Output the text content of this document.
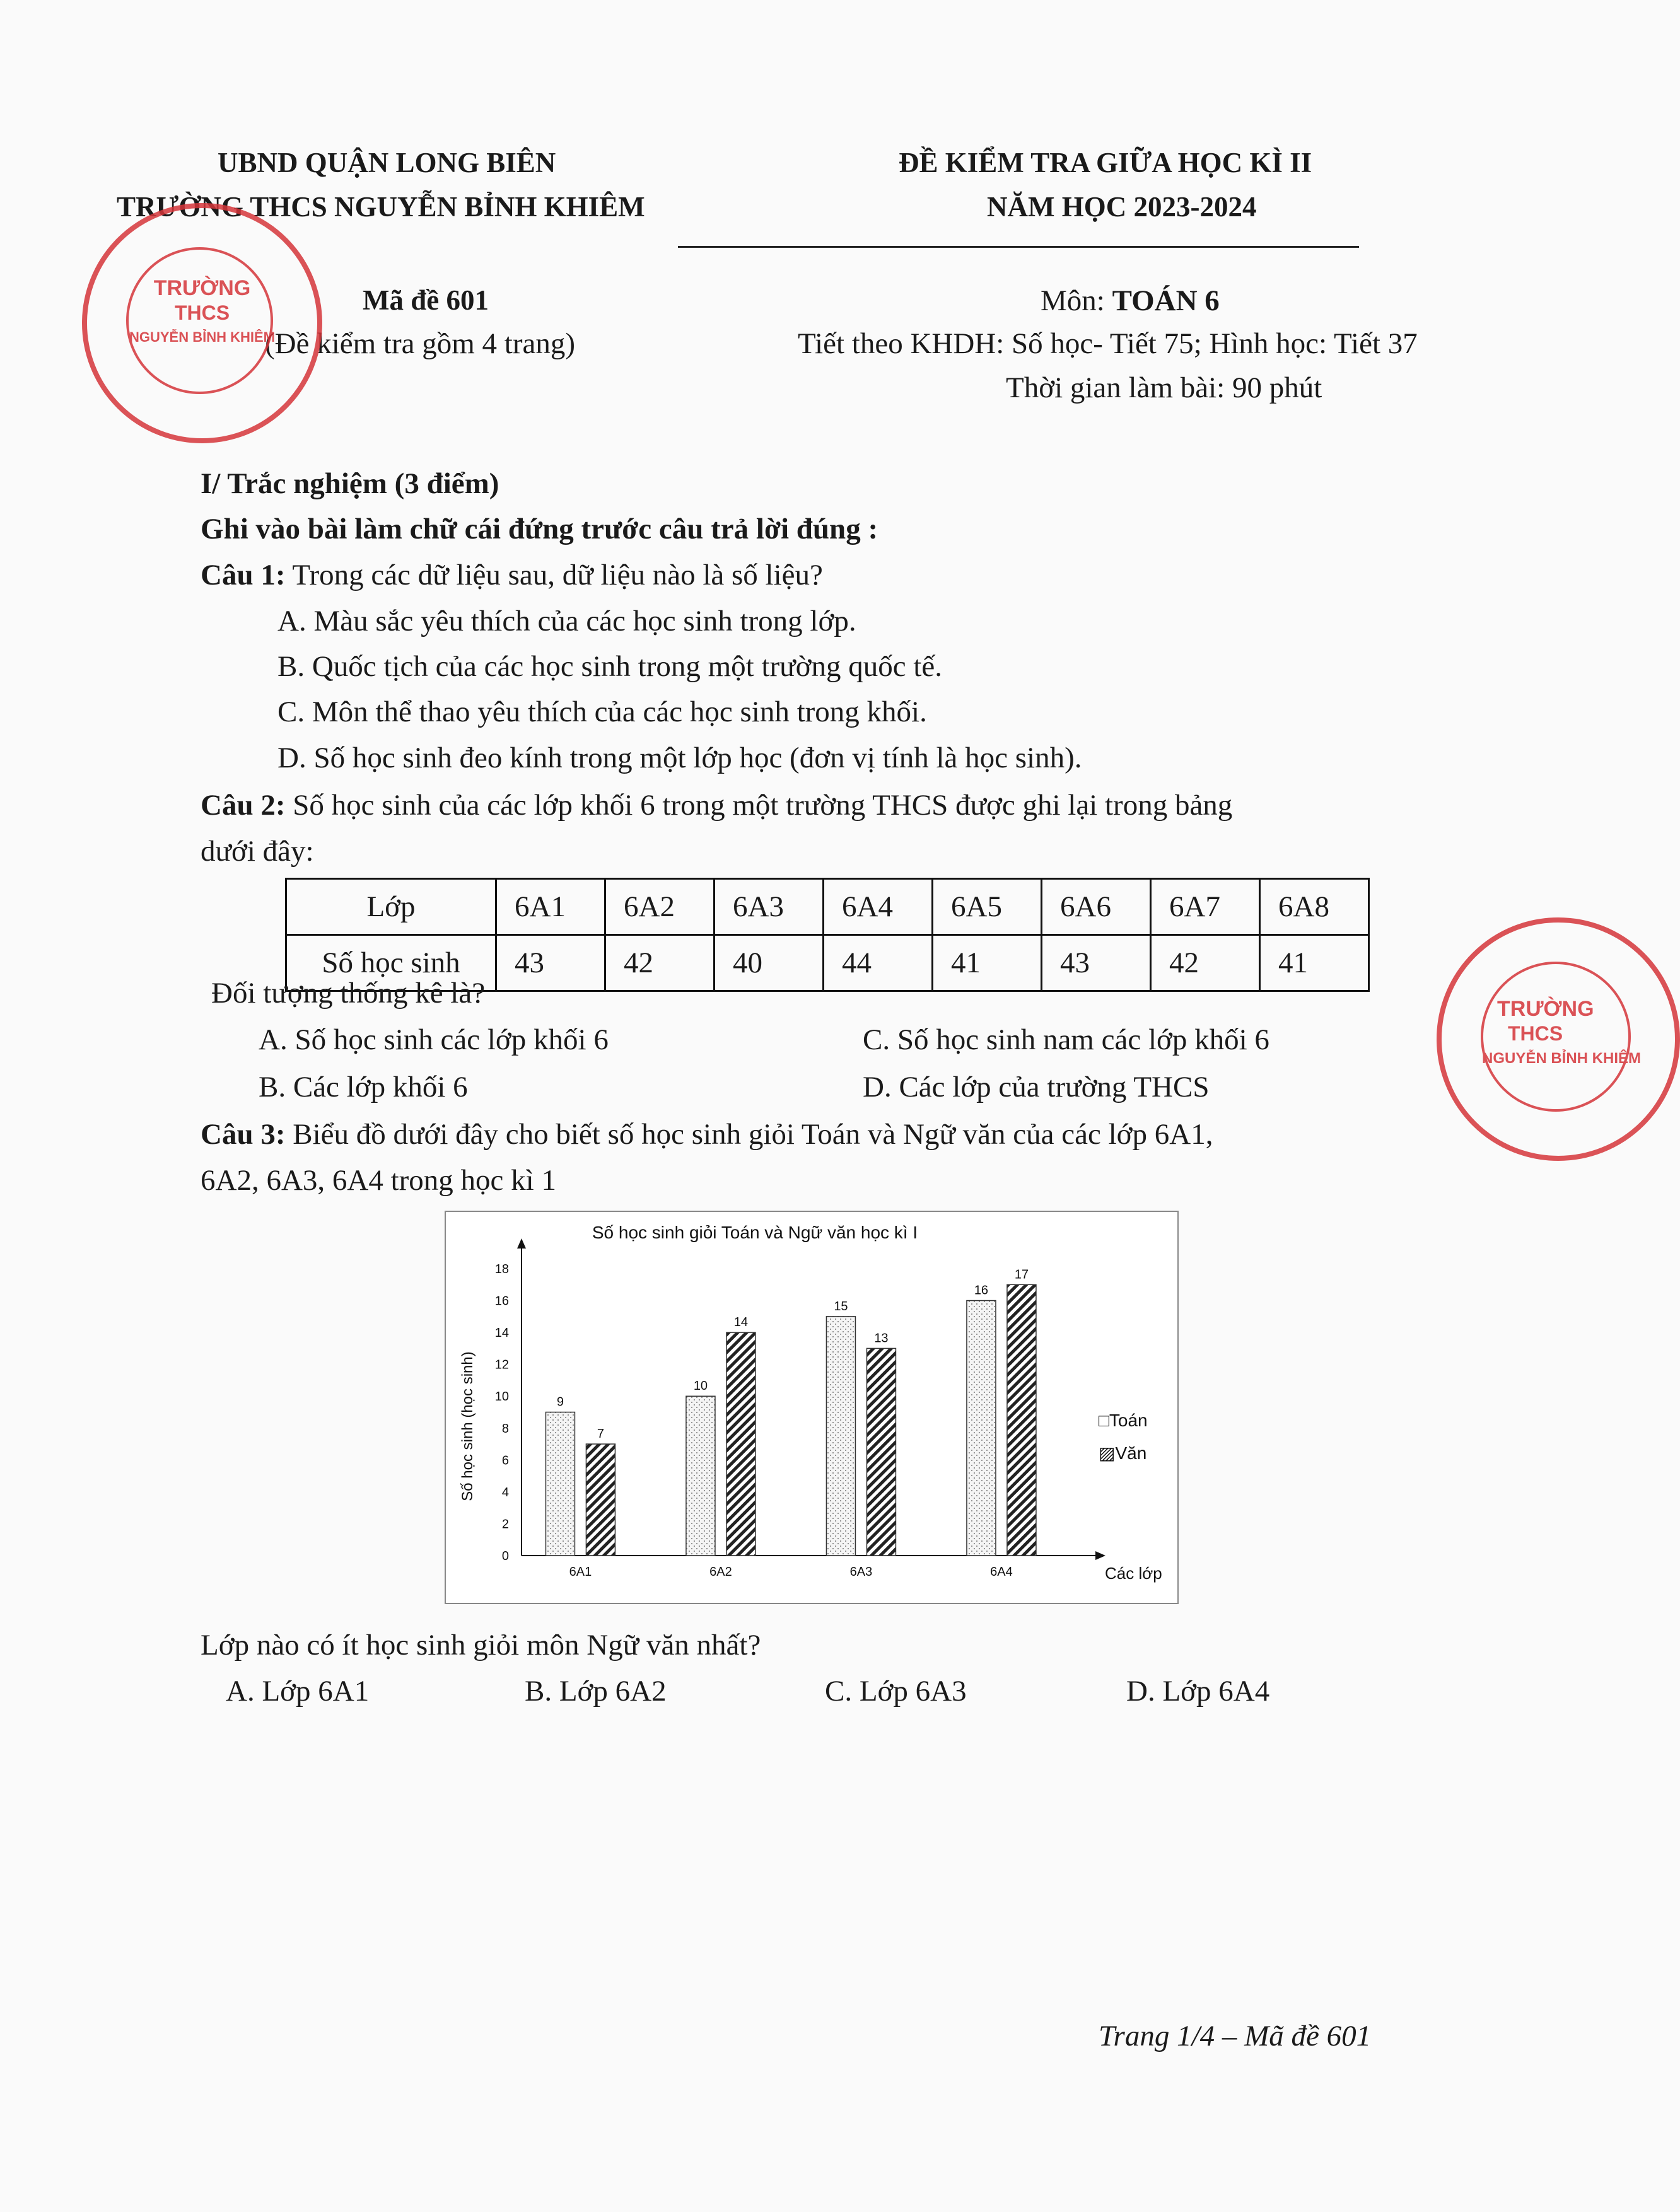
UBND QUẬN LONG BIÊN
TRƯỜNG THCS NGUYỄN BỈNH KHIÊM
ĐỀ KIỂM TRA GIỮA HỌC KÌ II
NĂM HỌC 2023-2024
Mã đề 601
(Đề kiểm tra gồm 4 trang)
Môn: TOÁN 6
Tiết theo KHDH: Số học- Tiết 75; Hình học: Tiết 37
Thời gian làm bài: 90 phút
TRƯỜNG
THCS
NGUYỄN BỈNH KHIÊM
TRƯỜNG
THCS
NGUYỄN BỈNH KHIÊM
I/ Trắc nghiệm (3 điểm)
Ghi vào bài làm chữ cái đứng trước câu trả lời đúng :
Câu 1: Trong các dữ liệu sau, dữ liệu nào là số liệu?
A. Màu sắc yêu thích của các học sinh trong lớp.
B. Quốc tịch của các học sinh trong một trường quốc tế.
C. Môn thể thao yêu thích của các học sinh trong khối.
D. Số học sinh đeo kính trong một lớp học (đơn vị tính là học sinh).
Câu 2: Số học sinh của các lớp khối 6 trong một trường THCS được ghi lại trong bảng
dưới đây:
Lớp	6A1	6A2	6A3	6A4	6A5	6A6	6A7	6A8
Số học sinh	43	42	40	44	41	43	42	41
Đối tượng thống kê là?
A. Số học sinh các lớp khối 6	C. Số học sinh nam các lớp khối 6
B. Các lớp khối 6	D. Các lớp của trường THCS
Câu 3: Biểu đồ dưới đây cho biết số học sinh giỏi Toán và Ngữ văn của các lớp 6A1,
6A2, 6A3, 6A4 trong học kì 1
Số học sinh giỏi Toán và Ngữ văn học kì I
Số học sinh (học sinh)
Các lớp
0
2
4
6
8
10
12
14
16
18
9
7
6A1
10
14
6A2
15
13
6A3
16
17
6A4
□Toán
▨Văn
Lớp nào có ít học sinh giỏi môn Ngữ văn nhất?
A. Lớp 6A1	B. Lớp 6A2	C. Lớp 6A3	D. Lớp 6A4
Trang 1/4 – Mã đề 601
